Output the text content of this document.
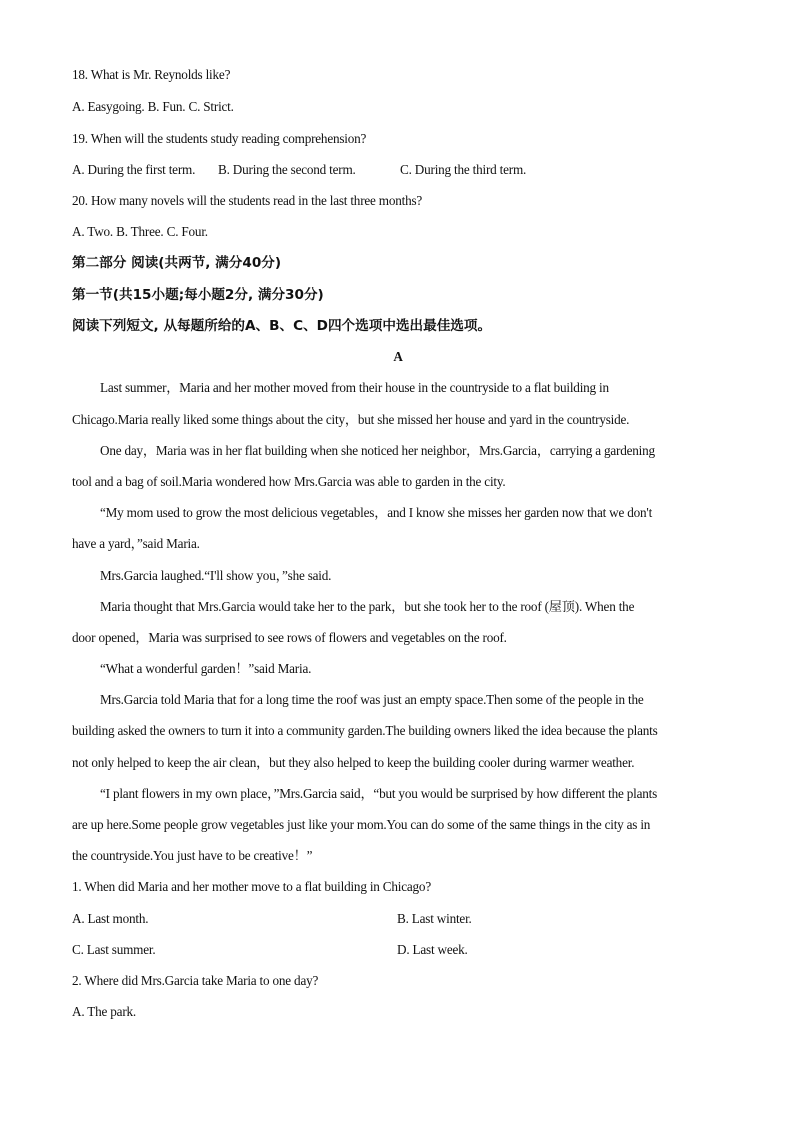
18. What is Mr. Reynolds like?
A. Easygoing. B. Fun. C. Strict.
19. When will the students study reading comprehension?
A. During the first term. B. During the second term.	C. During the third term.
20. How many novels will the students read in the last three months?
A. Two. B. Three. C. Four.
第二部分 阅读(共两节, 满分40分)
第一节(共15小题;每小题2分, 满分30分)
阅读下列短文, 从每题所给的A、B、C、D四个选项中选出最佳选项。
A
Last summer，Maria and her mother moved from their house in the countryside to a flat building in
Chicago.Maria really liked some things about the city，but she missed her house and yard in the countryside.
One day，Maria was in her flat building when she noticed her neighbor，Mrs.Garcia，carrying a gardening
tool and a bag of soil.Maria wondered how Mrs.Garcia was able to garden in the city.
“My mom used to grow the most delicious vegetables，and I know she misses her garden now that we don't
have a yard，”said Maria.
Mrs.Garcia laughed.“I'll show you，”she said.
Maria thought that Mrs.Garcia would take her to the park，but she took her to the roof (屋顶). When the
door opened，Maria was surprised to see rows of flowers and vegetables on the roof.
“What a wonderful garden！”said Maria.
Mrs.Garcia told Maria that for a long time the roof was just an empty space.Then some of the people in the
building asked the owners to turn it into a community garden.The building owners liked the idea because the plants
not only helped to keep the air clean，but they also helped to keep the building cooler during warmer weather.
“I plant flowers in my own place，”Mrs.Garcia said，“but you would be surprised by how different the plants
are up here.Some people grow vegetables just like your mom.You can do some of the same things in the city as in
the countryside.You just have to be creative！”
1. When did Maria and her mother move to a flat building in Chicago?
A. Last month.	B. Last winter.
C. Last summer.	D. Last week.
2. Where did Mrs.Garcia take Maria to one day?
A. The park.
